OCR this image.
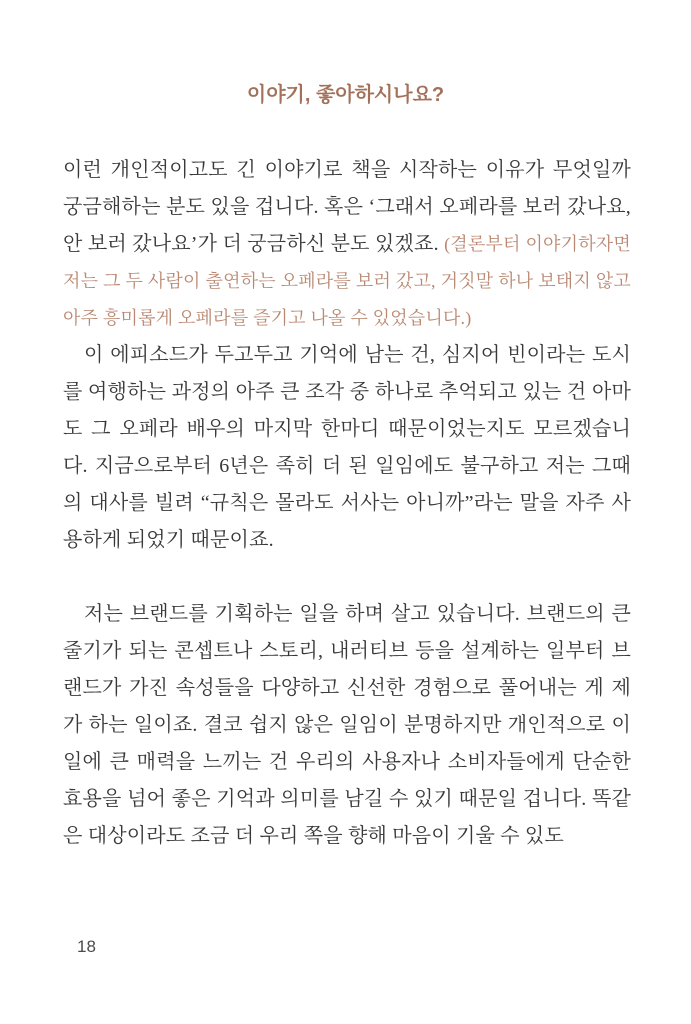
이야기, 좋아하시나요?

이런 개인적이고도 긴 이야기로 책을 시작하는 이유가 무엇일까 궁금해하는 분도 있을 겁니다. 혹은 ‘그래서 오페라를 보러 갔나요, 안 보러 갔나요’가 더 궁금하신 분도 있겠죠. (결론부터 이야기하자면 저는 그 두 사람이 출연하는 오페라를 보러 갔고, 거짓말 하나 보태지 않고 아주 흥미롭게 오페라를 즐기고 나올 수 있었습니다.)

이 에피소드가 두고두고 기억에 남는 건, 심지어 빈이라는 도시를 여행하는 과정의 아주 큰 조각 중 하나로 추억되고 있는 건 아마도 그 오페라 배우의 마지막 한마디 때문이었는지도 모르겠습니다. 지금으로부터 6년은 족히 더 된 일임에도 불구하고 저는 그때의 대사를 빌려 “규칙은 몰라도 서사는 아니까”라는 말을 자주 사용하게 되었기 때문이죠.

저는 브랜드를 기획하는 일을 하며 살고 있습니다. 브랜드의 큰 줄기가 되는 콘셉트나 스토리, 내러티브 등을 설계하는 일부터 브랜드가 가진 속성들을 다양하고 신선한 경험으로 풀어내는 게 제가 하는 일이죠. 결코 쉽지 않은 일임이 분명하지만 개인적으로 이 일에 큰 매력을 느끼는 건 우리의 사용자나 소비자들에게 단순한 효용을 넘어 좋은 기억과 의미를 남길 수 있기 때문일 겁니다. 똑같은 대상이라도 조금 더 우리 쪽을 향해 마음이 기울 수 있도

18
